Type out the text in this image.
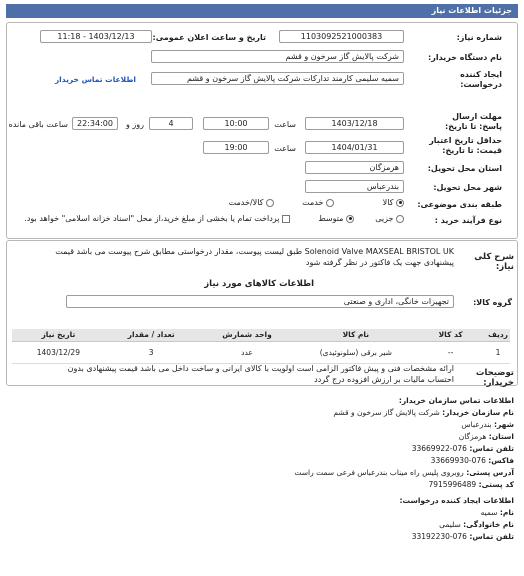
جزئیات اطلاعات نیاز
شماره نیاز:
1103092521000383
تاریخ و ساعت اعلان عمومی:
1403/12/13 - 11:18
نام دستگاه خریدار:
شرکت پالایش گاز سرخون و قشم
ایجاد کننده درخواست:
سمیه سلیمی کارمند تدارکات شرکت پالایش گاز سرخون و قشم
اطلاعات تماس خریدار
مهلت ارسال پاسخ: تا تاریخ:
1403/12/18
ساعت
10:00
4
روز و
22:34:00
ساعت باقی مانده
حداقل تاریخ اعتبار قیمت: تا تاریخ:
1404/01/31
ساعت
19:00
استان محل تحویل:
هرمزگان
شهر محل تحویل:
بندرعباس
طبقه بندی موضوعی:
کالا
خدمت
کالا/خدمت
نوع فرآیند خرید :
جزیی
متوسط
پرداخت تمام یا بخشی از مبلغ خرید،از محل "اسناد خزانه اسلامی" خواهد بود.
شرح کلی نیاز:
Solenoid Valve MAXSEAL BRISTOL UK طبق لیست پیوست، مقدار درخواستی مطابق شرح پیوست می باشد قیمت
پیشنهادی جهت یک فاکتور در نظر گرفته شود
اطلاعات کالاهای مورد نیاز
گروه کالا:
تجهیزات خانگی، اداری و صنعتی
ردیف	کد کالا	نام کالا	واحد شمارش	تعداد / مقدار	تاریخ نیاز
1	--	شیر برقی (سلونوئیدی)	عدد	3	1403/12/29
توضیحات خریدار:
ارائه مشخصات فنی و پیش فاکتور الزامی است اولویت با کالای ایرانی و ساخت داخل می باشد قیمت پیشنهادی بدون
احتساب مالیات بر ارزش افزوده درج گردد
اطلاعات تماس سازمان خریدار:
نام سازمان خریدار: شرکت پالایش گاز سرخون و قشم
شهر: بندرعباس
استان: هرمزگان
تلفن تماس: 076-33669922
فاکس: 076-33669930
آدرس پستی: روبروی پلیس راه میناب بندرعباس فرعی سمت راست
کد پستی: 7915996489
اطلاعات ایجاد کننده درخواست:
نام: سمیه
نام خانوادگی: سلیمی
تلفن تماس: 076-33192230
